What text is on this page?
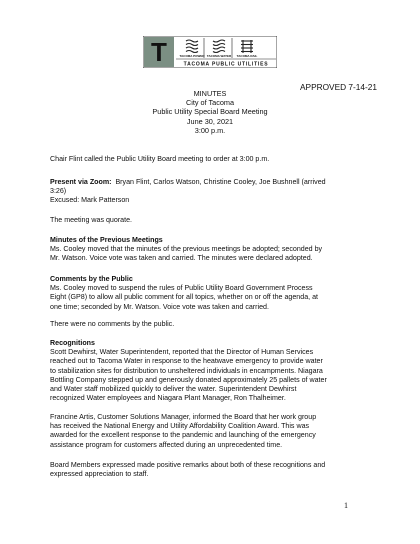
T	TACOMA POWER TACOMA WATER TACOMA RAIL
TACOMA PUBLIC UTILITIES
APPROVED 7-14-21
MINUTES
City of Tacoma
Public Utility Special Board Meeting
June 30, 2021
3:00 p.m.

Chair Flint called the Public Utility Board meeting to order at 3:00 p.m.

Present via Zoom: Bryan Flint, Carlos Watson, Christine Cooley, Joe Bushnell (arrived
3:26)
Excused: Mark Patterson

The meeting was quorate.

Minutes of the Previous Meetings
Ms. Cooley moved that the minutes of the previous meetings be adopted; seconded by
Mr. Watson. Voice vote was taken and carried. The minutes were declared adopted.
Comments by the Public
Ms. Cooley moved to suspend the rules of Public Utility Board Government Process
Eight (GP8) to allow all public comment for all topics, whether on or off the agenda, at
one time; seconded by Mr. Watson. Voice vote was taken and carried.

There were no comments by the public.

Recognitions
Scott Dewhirst, Water Superintendent, reported that the Director of Human Services
reached out to Tacoma Water in response to the heatwave emergency to provide water
to stabilization sites for distribution to unsheltered individuals in encampments. Niagara
Bottling Company stepped up and generously donated approximately 25 pallets of water
and Water staff mobilized quickly to deliver the water. Superintendent Dewhirst
recognized Water employees and Niagara Plant Manager, Ron Thalheimer.
Francine Artis, Customer Solutions Manager, informed the Board that her work group
has received the National Energy and Utility Affordability Coalition Award. This was
awarded for the excellent response to the pandemic and launching of the emergency
assistance program for customers affected during an unprecedented time.
Board Members expressed made positive remarks about both of these recognitions and
expressed appreciation to staff.
1
